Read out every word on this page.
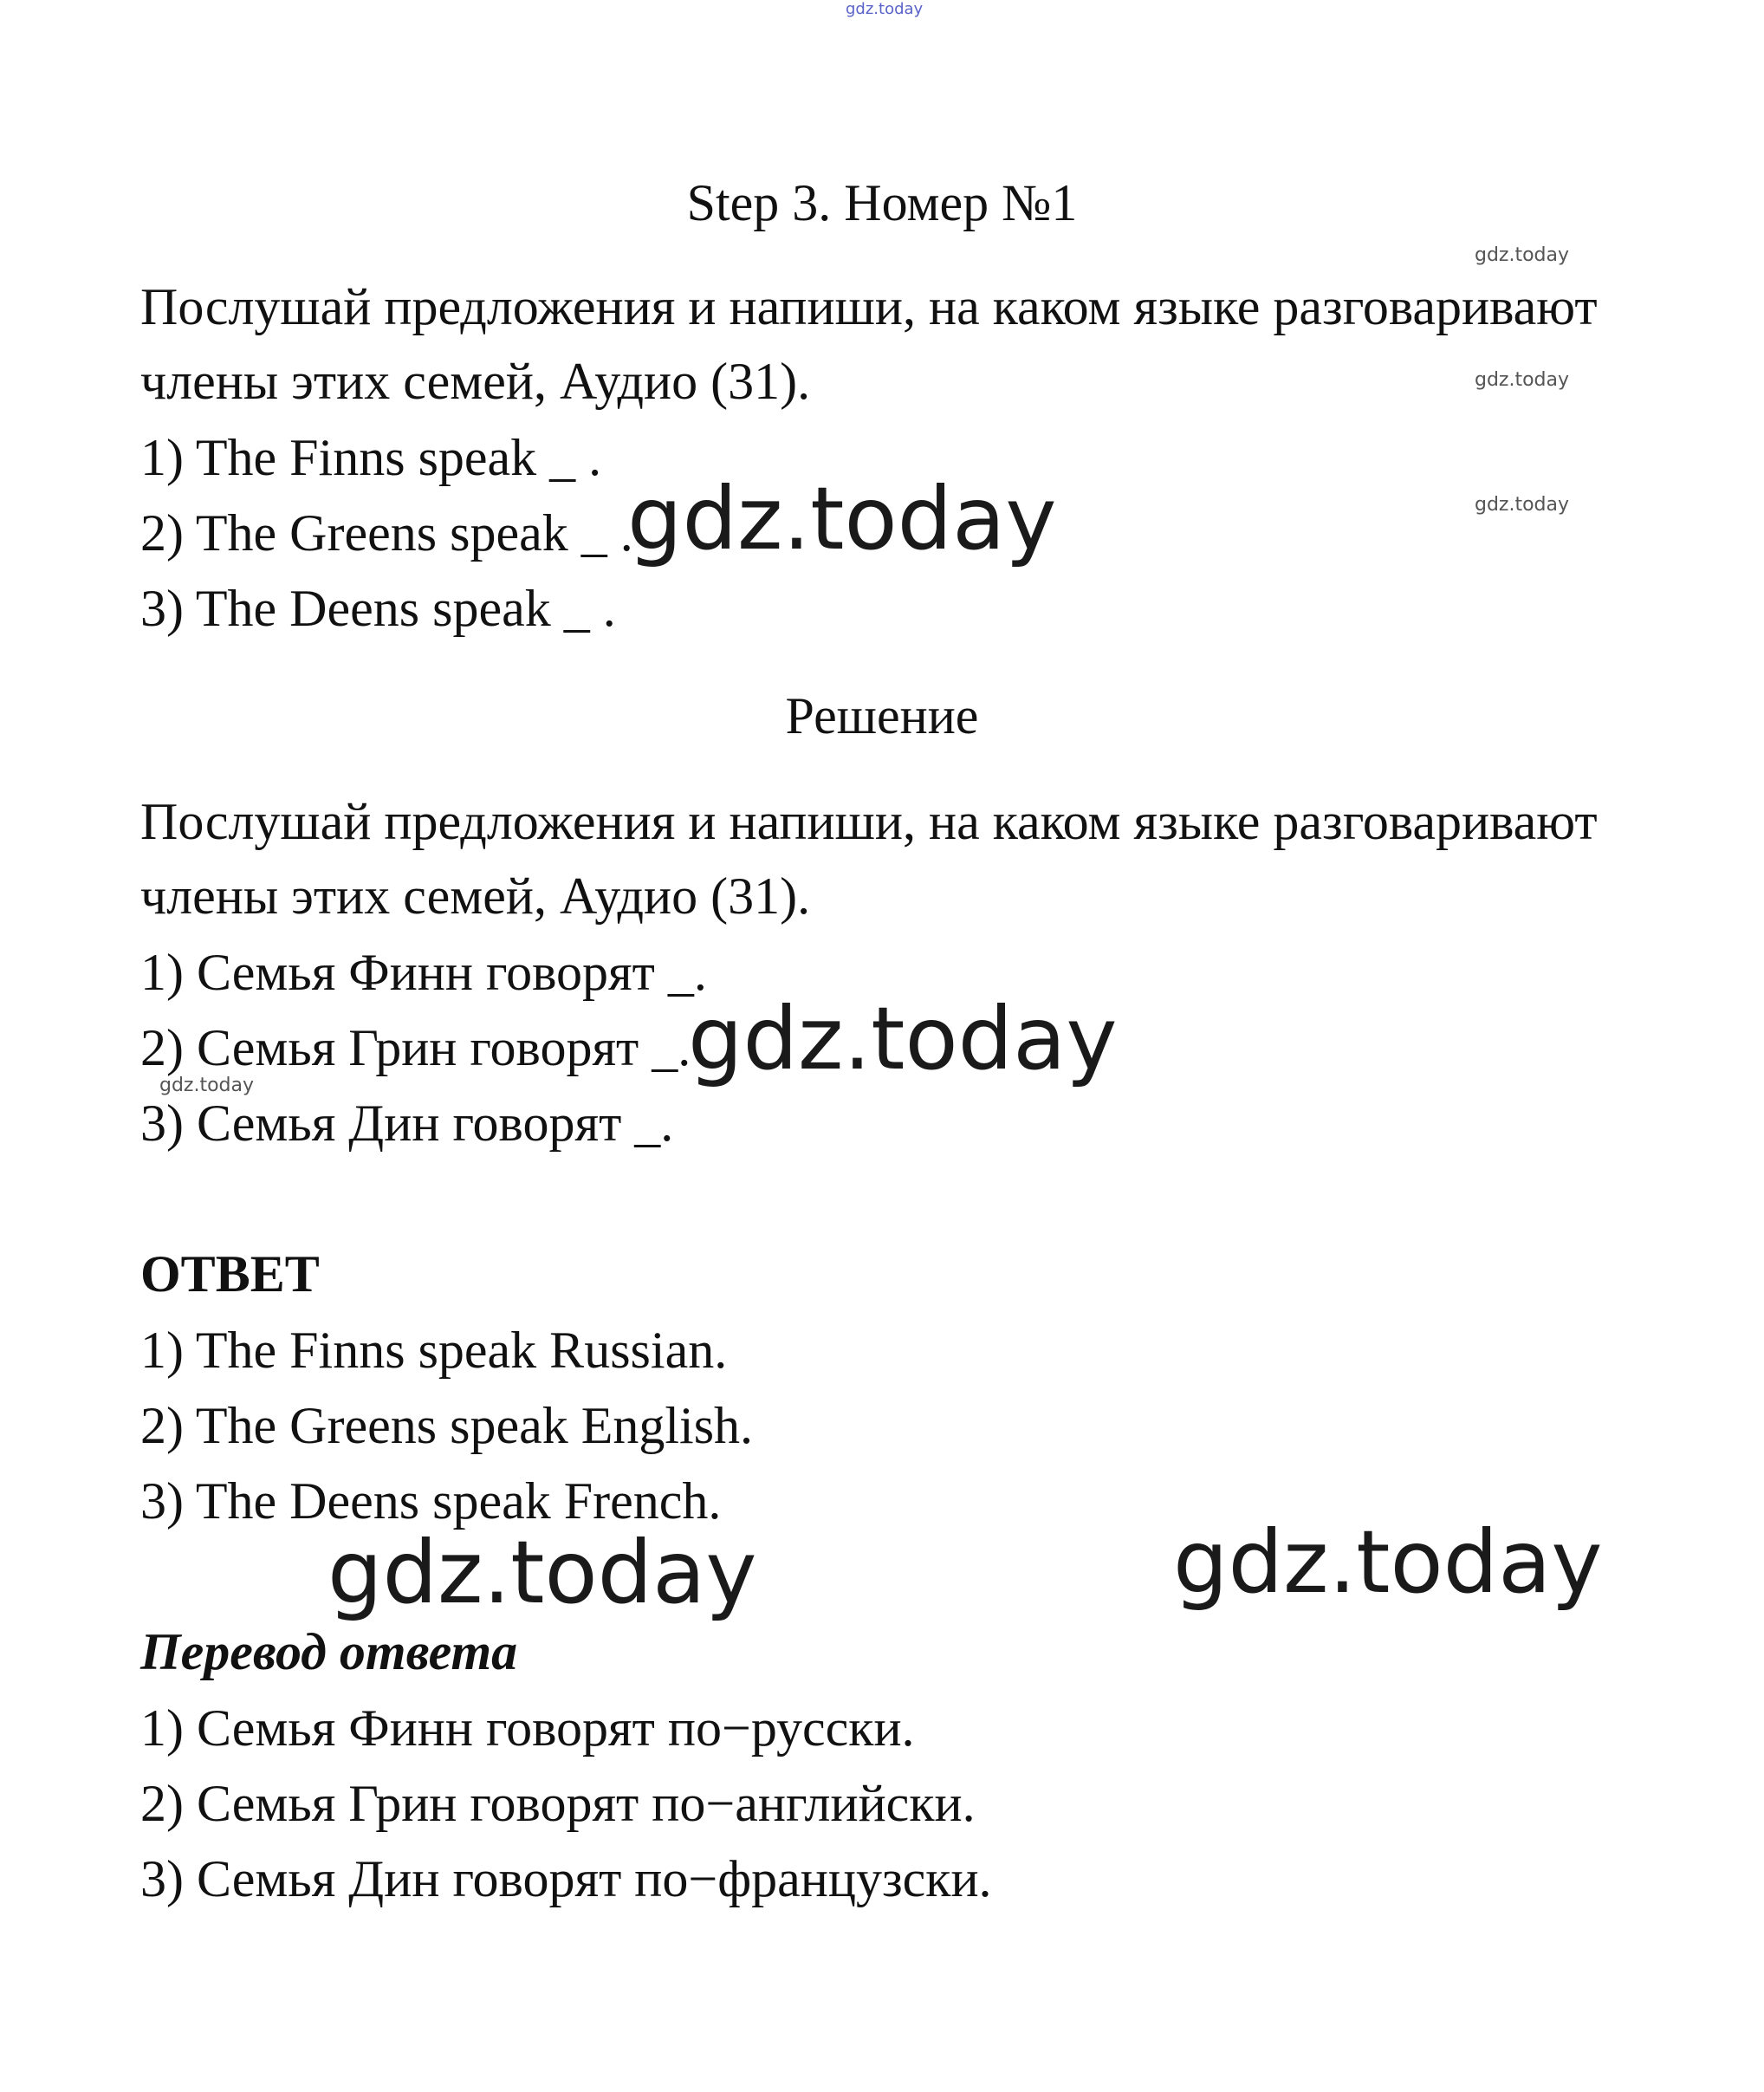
gdz.today
gdz.today
gdz.today
gdz.today
gdz.today
gdz.today
gdz.today
gdz.today	gdz.today
Step 3. Номер №1
Послушай предложения и напиши, на каком языке разговаривают
члены этих семей, Аудио (31).
1) The Finns speak _ .
2) The Greens speak _ .
3) The Deens speak _ .
Решение
Послушай предложения и напиши, на каком языке разговаривают
члены этих семей, Аудио (31).
1) Семья Финн говорят _.
2) Семья Грин говорят _.
3) Семья Дин говорят _.
ОТВЕТ
1) The Finns speak Russian.
2) The Greens speak English.
3) The Deens speak French.
Перевод ответа
1) Семья Финн говорят по−русски.
2) Семья Грин говорят по−английски.
3) Семья Дин говорят по−французски.
